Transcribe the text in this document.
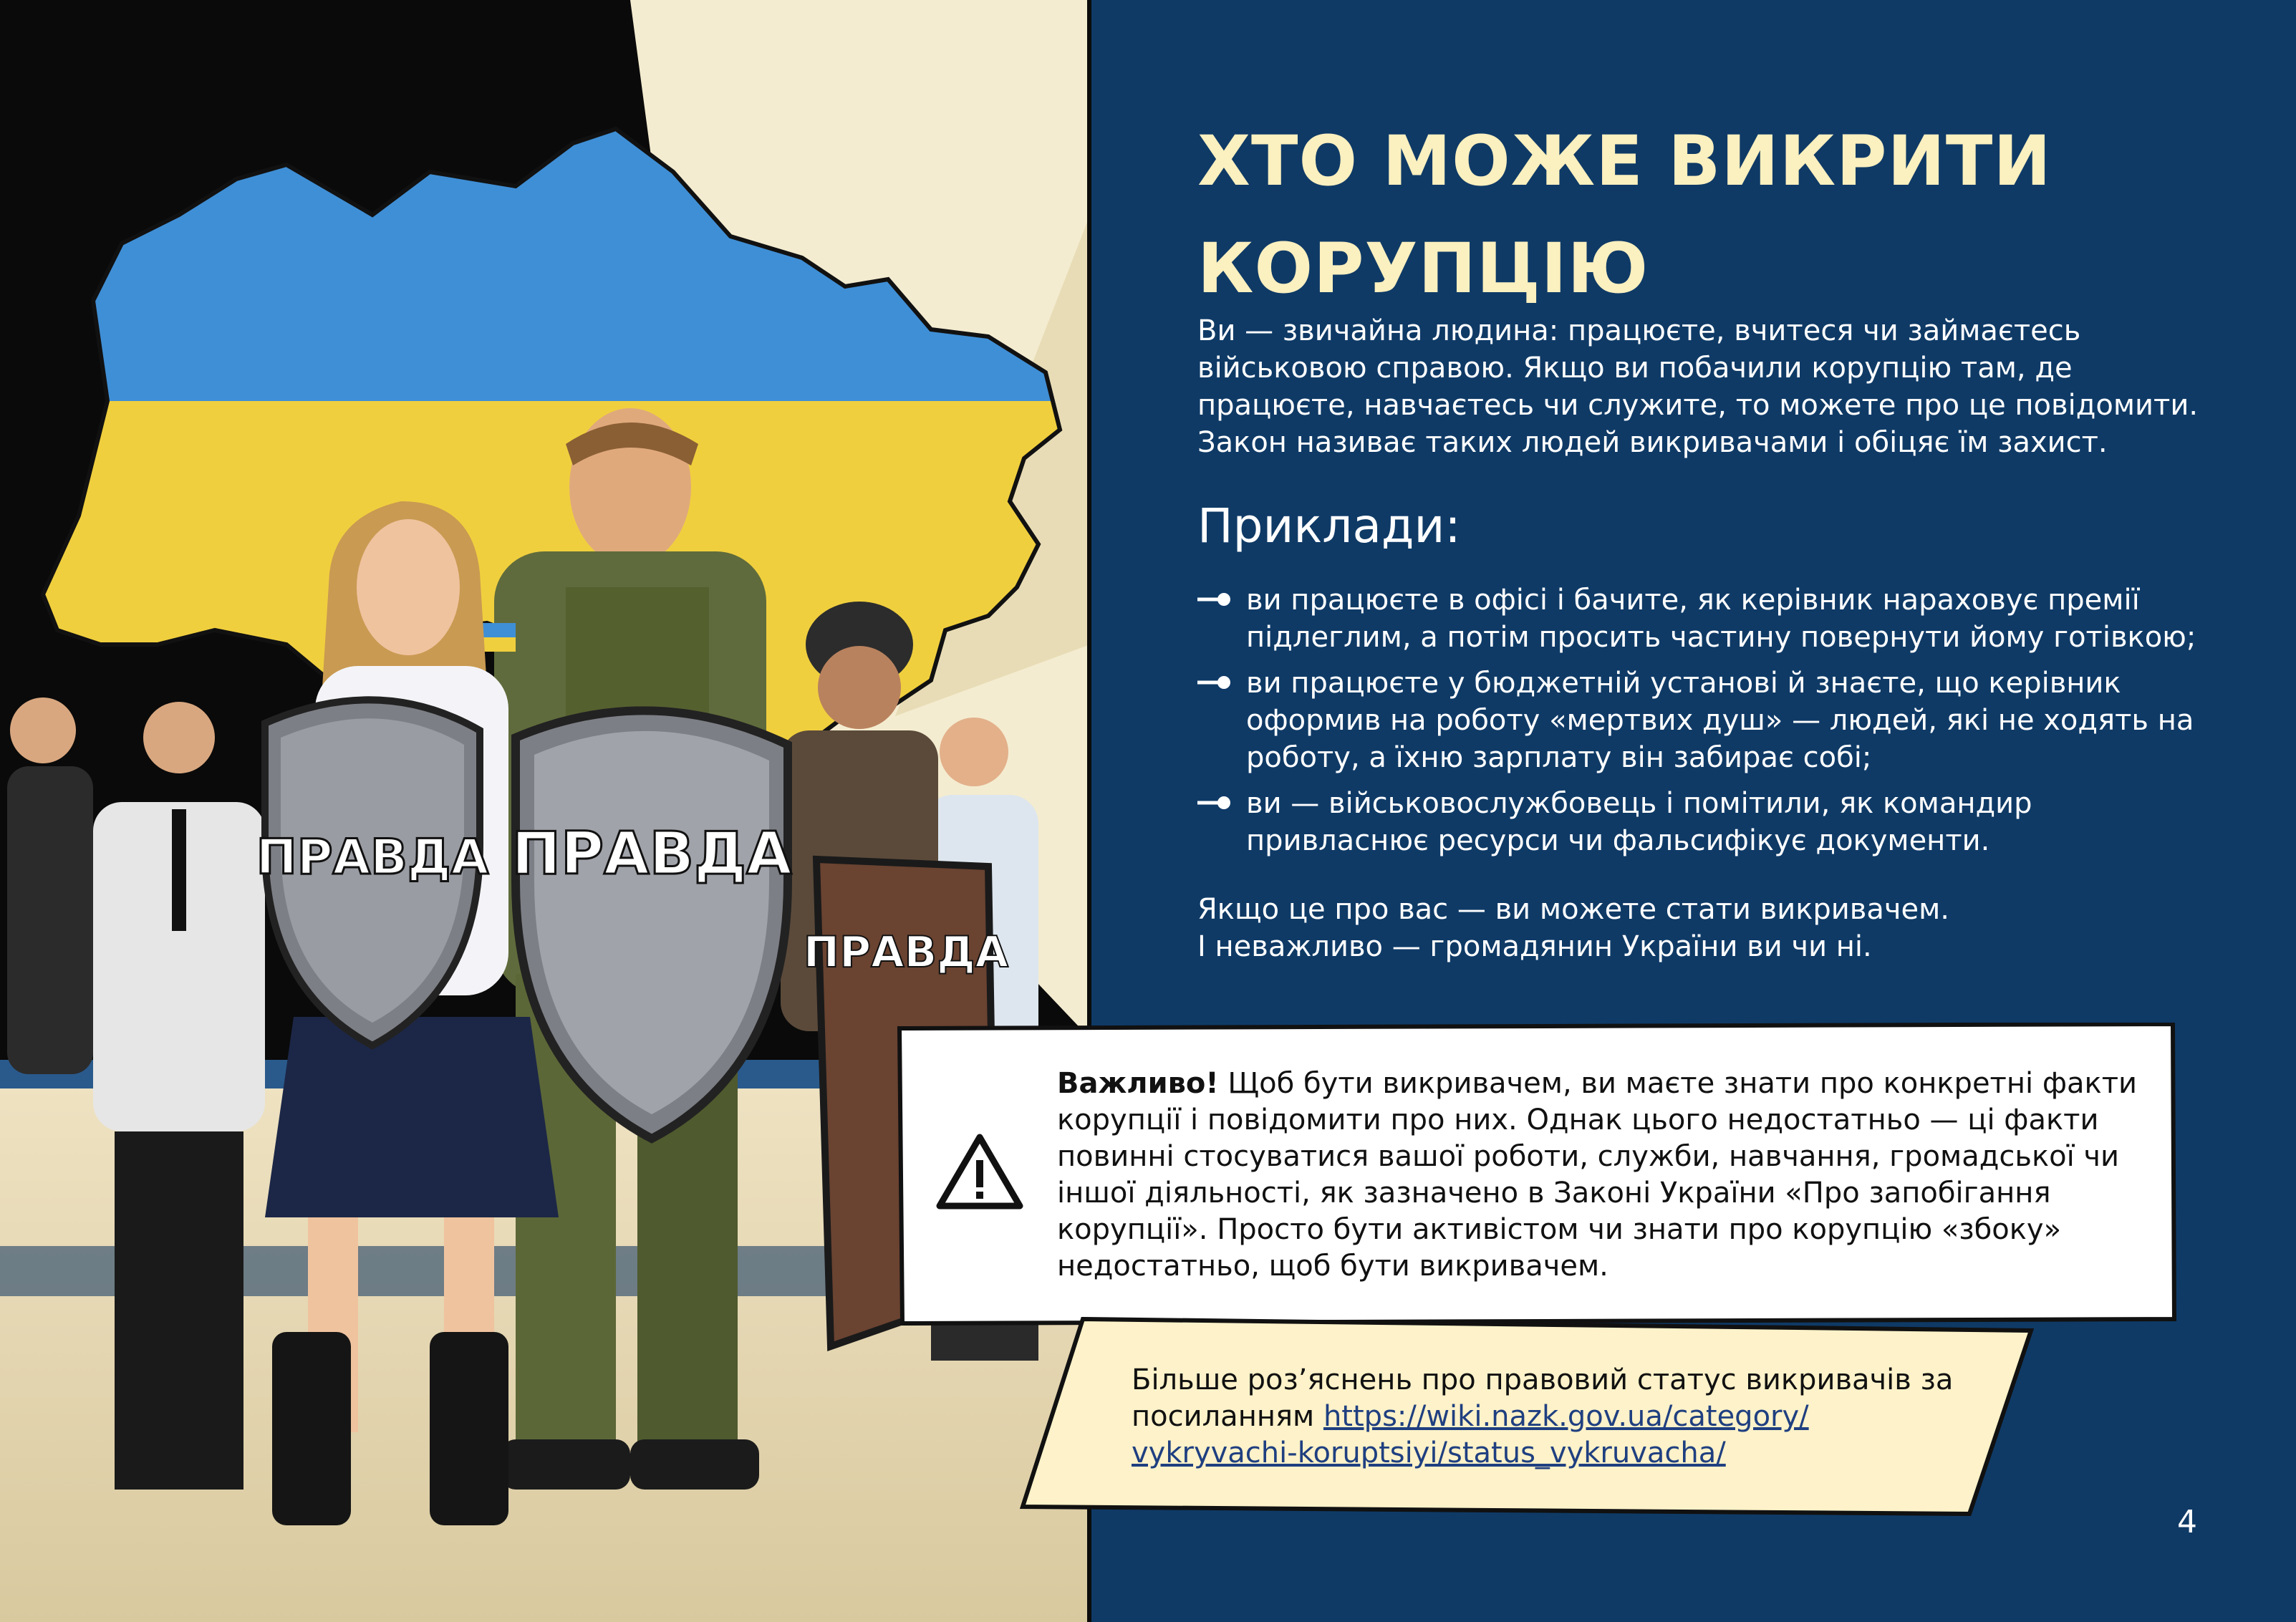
ПРАВДА ПРАВДА
ПРАВДА
ХТО МОЖЕ ВИКРИТИ
КОРУПЦІЮ

Ви — звичайна людина: працюєте, вчитеся чи займаєтесь військовою справою. Якщо ви побачили корупцію там, де працюєте, навчаєтесь чи служите, то можете про це повідомити. Закон називає таких людей викривачами і обіцяє їм захист.

Приклади:
ви працюєте в офісі і бачите, як керівник нараховує премії підлеглим, а потім просить частину повернути йому готівкою;
ви працюєте у бюджетній установі й знаєте, що керівник оформив на роботу «мертвих душ» — людей, які не ходять на роботу, а їхню зарплату він забирає собі;
ви — військовослужбовець і помітили, як командир привласнює ресурси чи фальсифікує документи.

Якщо це про вас — ви можете стати викривачем.
І неважливо — громадянин України ви чи ні.

Важливо! Щоб бути викривачем, ви маєте знати про конкретні факти корупції і повідомити про них. Однак цього недостатньо — ці факти повинні стосуватися вашої роботи, служби, навчання, громадської чи іншої діяльності, як зазначено в Законі України «Про запобігання корупції». Просто бути активістом чи знати про корупцію «збоку» недостатньо, щоб бути викривачем.

Більше роз’яснень про правовий статус викривачів за посиланням https://wiki.nazk.gov.ua/category/
vykryvachi-koruptsiyi/status_vykruvacha/

4
